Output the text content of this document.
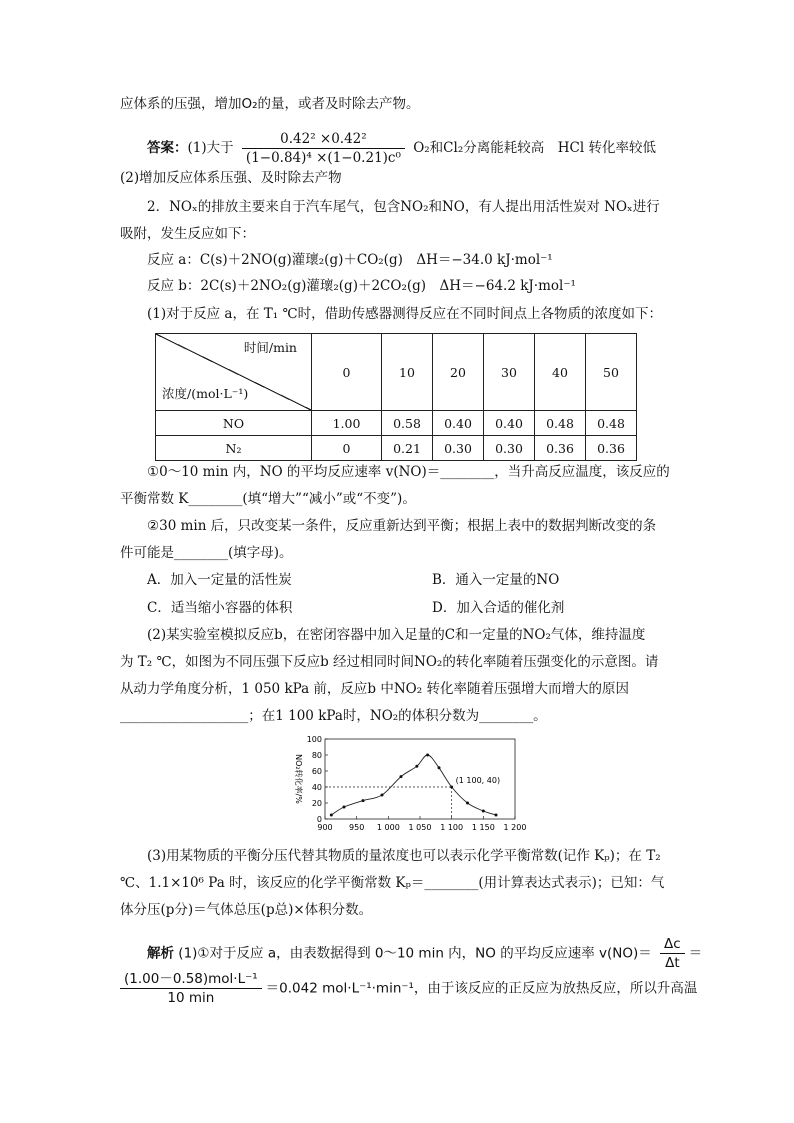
应体系的压强，增加O₂的量，或者及时除去产物。
答案：(1)大于 $\frac{\text{0.42² ×0.42²}}{\text{(1−0.84)⁴ ×(1−0.21)c⁰}} O_2$和Cl₂分离能耗较高　HCl 转化率较低
(2)增加反应体系压强、及时除去产物
2．NOₓ的排放主要来自于汽车尾气，包含NO₂和NO，有人提出用活性炭对 NOₓ进行
吸附，发生反应如下：
反应 a：C(s)＋2NO(g)灌瓌₂(g)＋CO₂(g)　ΔH＝−34.0 kJ·mol⁻¹
反应 b：2C(s)＋2NO₂(g)灌瓌₂(g)＋2CO₂(g)　ΔH＝−64.2 kJ·mol⁻¹
(1)对于反应 a，在 T₁ ℃时，借助传感器测得反应在不同时间点上各物质的浓度如下：
时间/min
浓度/(mol·L⁻¹)	0	10	20	30	40	50
NO	1.00	0.58	0.40	0.40	0.48	0.48
N₂	0	0.21	0.30	0.30	0.36	0.36
①0～10 min 内，NO 的平均反应速率 v(NO)＝________，当升高反应温度，该反应的
平衡常数 K________(填“增大”“减小”或“不变”)。
②30 min 后，只改变某一条件，反应重新达到平衡；根据上表中的数据判断改变的条
件可能是________(填字母)。
A．加入一定量的活性炭	B．通入一定量的NO
C．适当缩小容器的体积	D．加入合适的催化剂
(2)某实验室模拟反应b，在密闭容器中加入足量的C和一定量的NO₂气体，维持温度
为 T₂ ℃，如图为不同压强下反应b 经过相同时间NO₂的转化率随着压强变化的示意图。请
从动力学角度分析，1 050 kPa 前，反应b 中NO₂ 转化率随着压强增大而增大的原因
___________________；在1 100 kPa时，NO₂的体积分数为________。
NO₂转化率/%
900 950 1 000 1 050 1 100 1 150 1 200
0
20
40
60
80
100
(1 100, 40)
(3)用某物质的平衡分压代替其物质的量浓度也可以表示化学平衡常数(记作 Kₚ)；在 T₂
℃、1.1×10⁶ Pa 时，该反应的化学平衡常数 Kₚ＝________(用计算表达式表示)；已知：气
体分压(p分)＝气体总压(p总)×体积分数。
解析 (1)①对于反应 a，由表数据得到 0～10 min 内，NO 的平均反应速率 $v(NO)= \frac{\Delta c}{\Delta t}$ ＝
$\frac{\text{(1.00－0.58)mol·L⁻¹}}{10 \min} =0.042$ mol·L⁻¹·min⁻¹，由于该反应的正反应为放热反应，所以升高温
